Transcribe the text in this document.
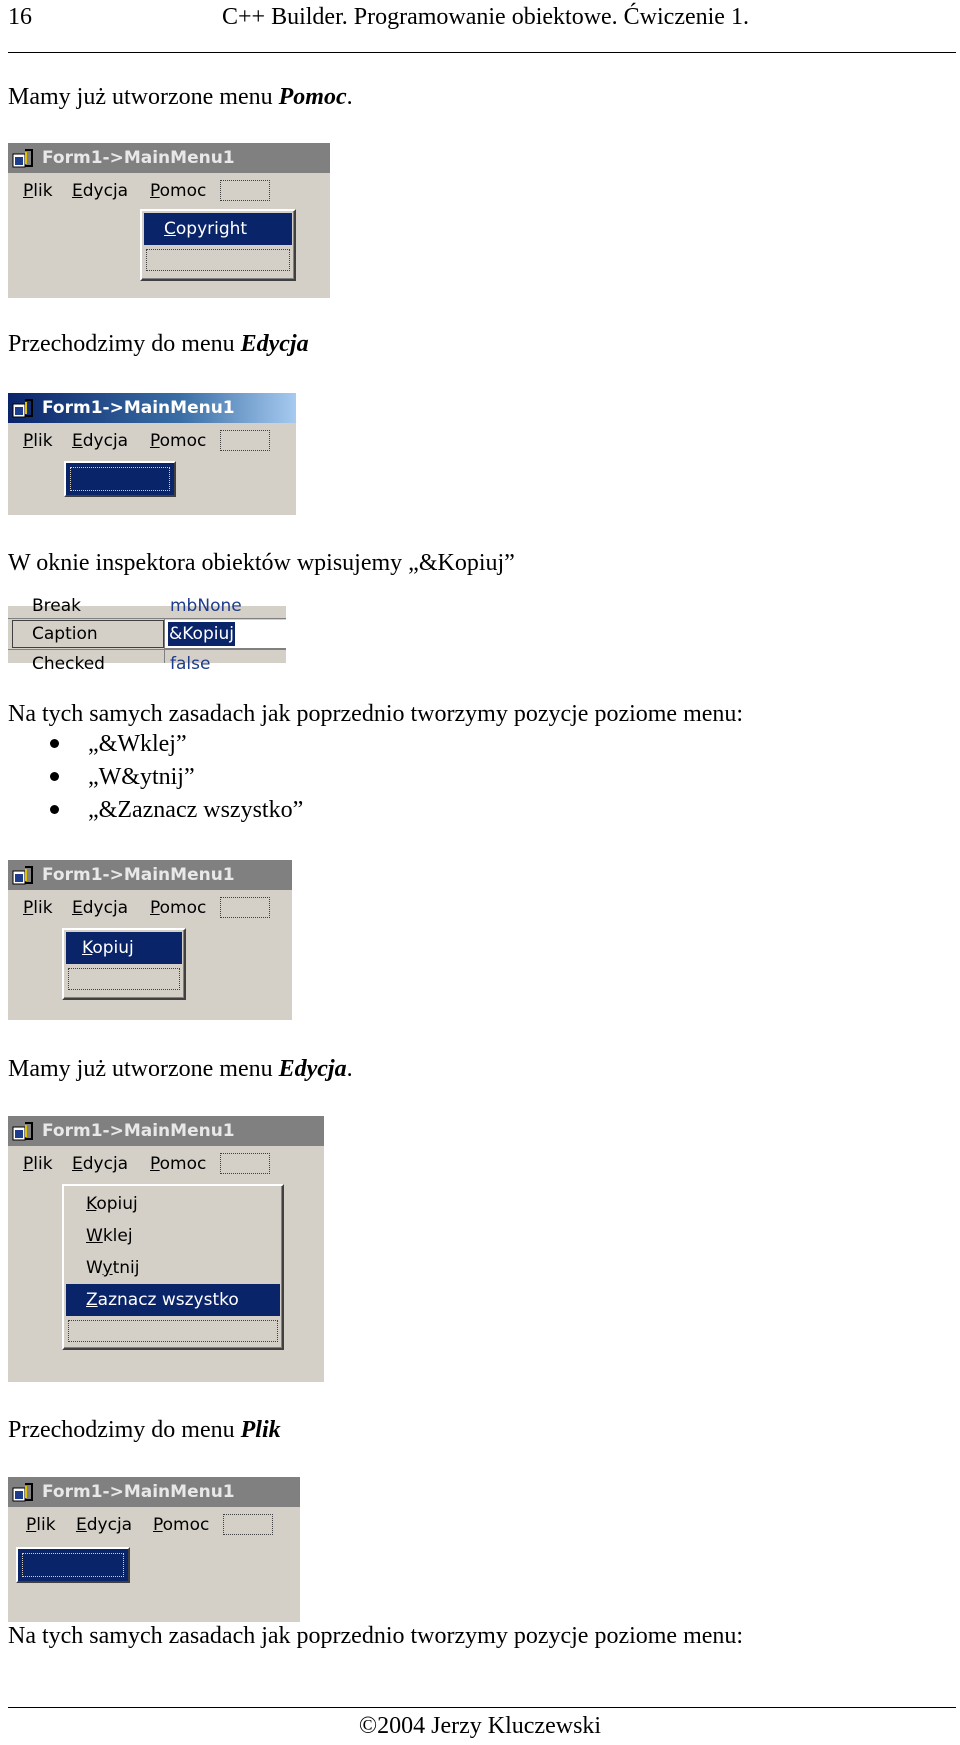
16	C++ Builder. Programowanie obiektowe. Ćwiczenie 1.
Mamy już utworzone menu Pomoc.
Form1->MainMenu1
Plik Edycja Pomoc
Copyright
Przechodzimy do menu Edycja
Form1->MainMenu1
Plik Edycja Pomoc
W oknie inspektora obiektów wpisujemy „&Kopiuj”
Break	mbNone
Caption	&Kopiuj
Checked	false
Na tych samych zasadach jak poprzednio tworzymy pozycje poziome menu:
„&Wklej”
„W&ytnij”
„&Zaznacz wszystko”
Form1->MainMenu1
Plik Edycja Pomoc
Kopiuj
Mamy już utworzone menu Edycja.
Form1->MainMenu1
Plik Edycja Pomoc
Kopiuj
Wklej
Wytnij
Zaznacz wszystko
Przechodzimy do menu Plik
Form1->MainMenu1
Plik Edycja Pomoc
Na tych samych zasadach jak poprzednio tworzymy pozycje poziome menu:
©2004 Jerzy Kluczewski
